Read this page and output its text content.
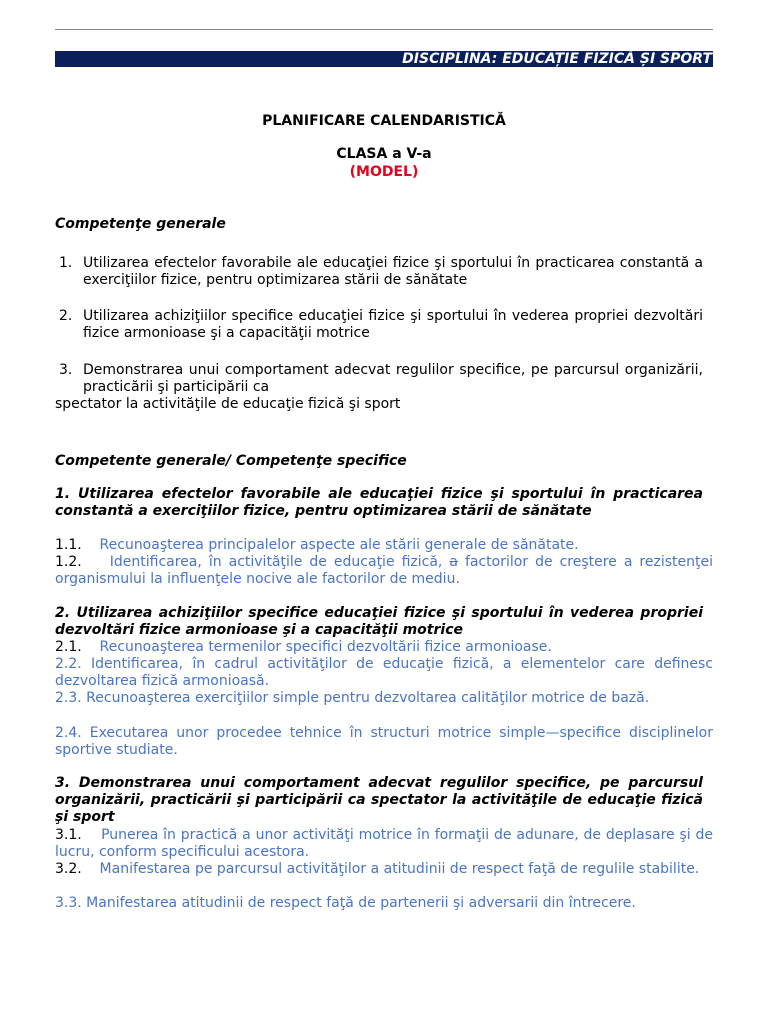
DISCIPLINA: EDUCAȚIE FIZICĂ ȘI SPORT
PLANIFICARE CALENDARISTICĂ
CLASA a V-a
(MODEL)
Competenţe generale
1. Utilizarea efectelor favorabile ale educaţiei fizice şi sportului în practicarea constantă a exerciţiilor fizice, pentru optimizarea stării de sănătate
2. Utilizarea achiziţiilor specifice educaţiei fizice şi sportului în vederea propriei dezvoltări fizice armonioase şi a capacităţii motrice
3. Demonstrarea unui comportament adecvat regulilor specifice, pe parcursul organizării, practicării şi participării ca
spectator la activităţile de educaţie fizică şi sport
Competente generale/ Competenţe specifice
1. Utilizarea efectelor favorabile ale educaţiei fizice şi sportului în practicarea constantă a exerciţiilor fizice, pentru optimizarea stării de sănătate
1.1. Recunoaşterea principalelor aspecte ale stării generale de sănătate.
1.2. Identificarea, în activităţile de educaţie fizică, a factorilor de creştere a rezistenţei organismului la influenţele nocive ale factorilor de mediu.
2. Utilizarea achiziţiilor specifice educaţiei fizice şi sportului în vederea propriei dezvoltări fizice armonioase şi a capacităţii motrice
2.1. Recunoaşterea termenilor specifici dezvoltării fizice armonioase.
2.2. Identificarea, în cadrul activităţilor de educaţie fizică, a elementelor care definesc dezvoltarea fizică armonioasă.
2.3. Recunoaşterea exerciţiilor simple pentru dezvoltarea calităţilor motrice de bază.
2.4. Executarea unor procedee tehnice în structuri motrice simple—specifice disciplinelor sportive studiate.
3. Demonstrarea unui comportament adecvat regulilor specifice, pe parcursul organizării, practicării şi participării ca spectator la activităţile de educaţie fizică şi sport
3.1. Punerea în practică a unor activităţi motrice în formaţii de adunare, de deplasare şi de lucru, conform specificului acestora.
3.2. Manifestarea pe parcursul activităţilor a atitudinii de respect faţă de regulile stabilite.
3.3. Manifestarea atitudinii de respect faţă de partenerii şi adversarii din întrecere.
